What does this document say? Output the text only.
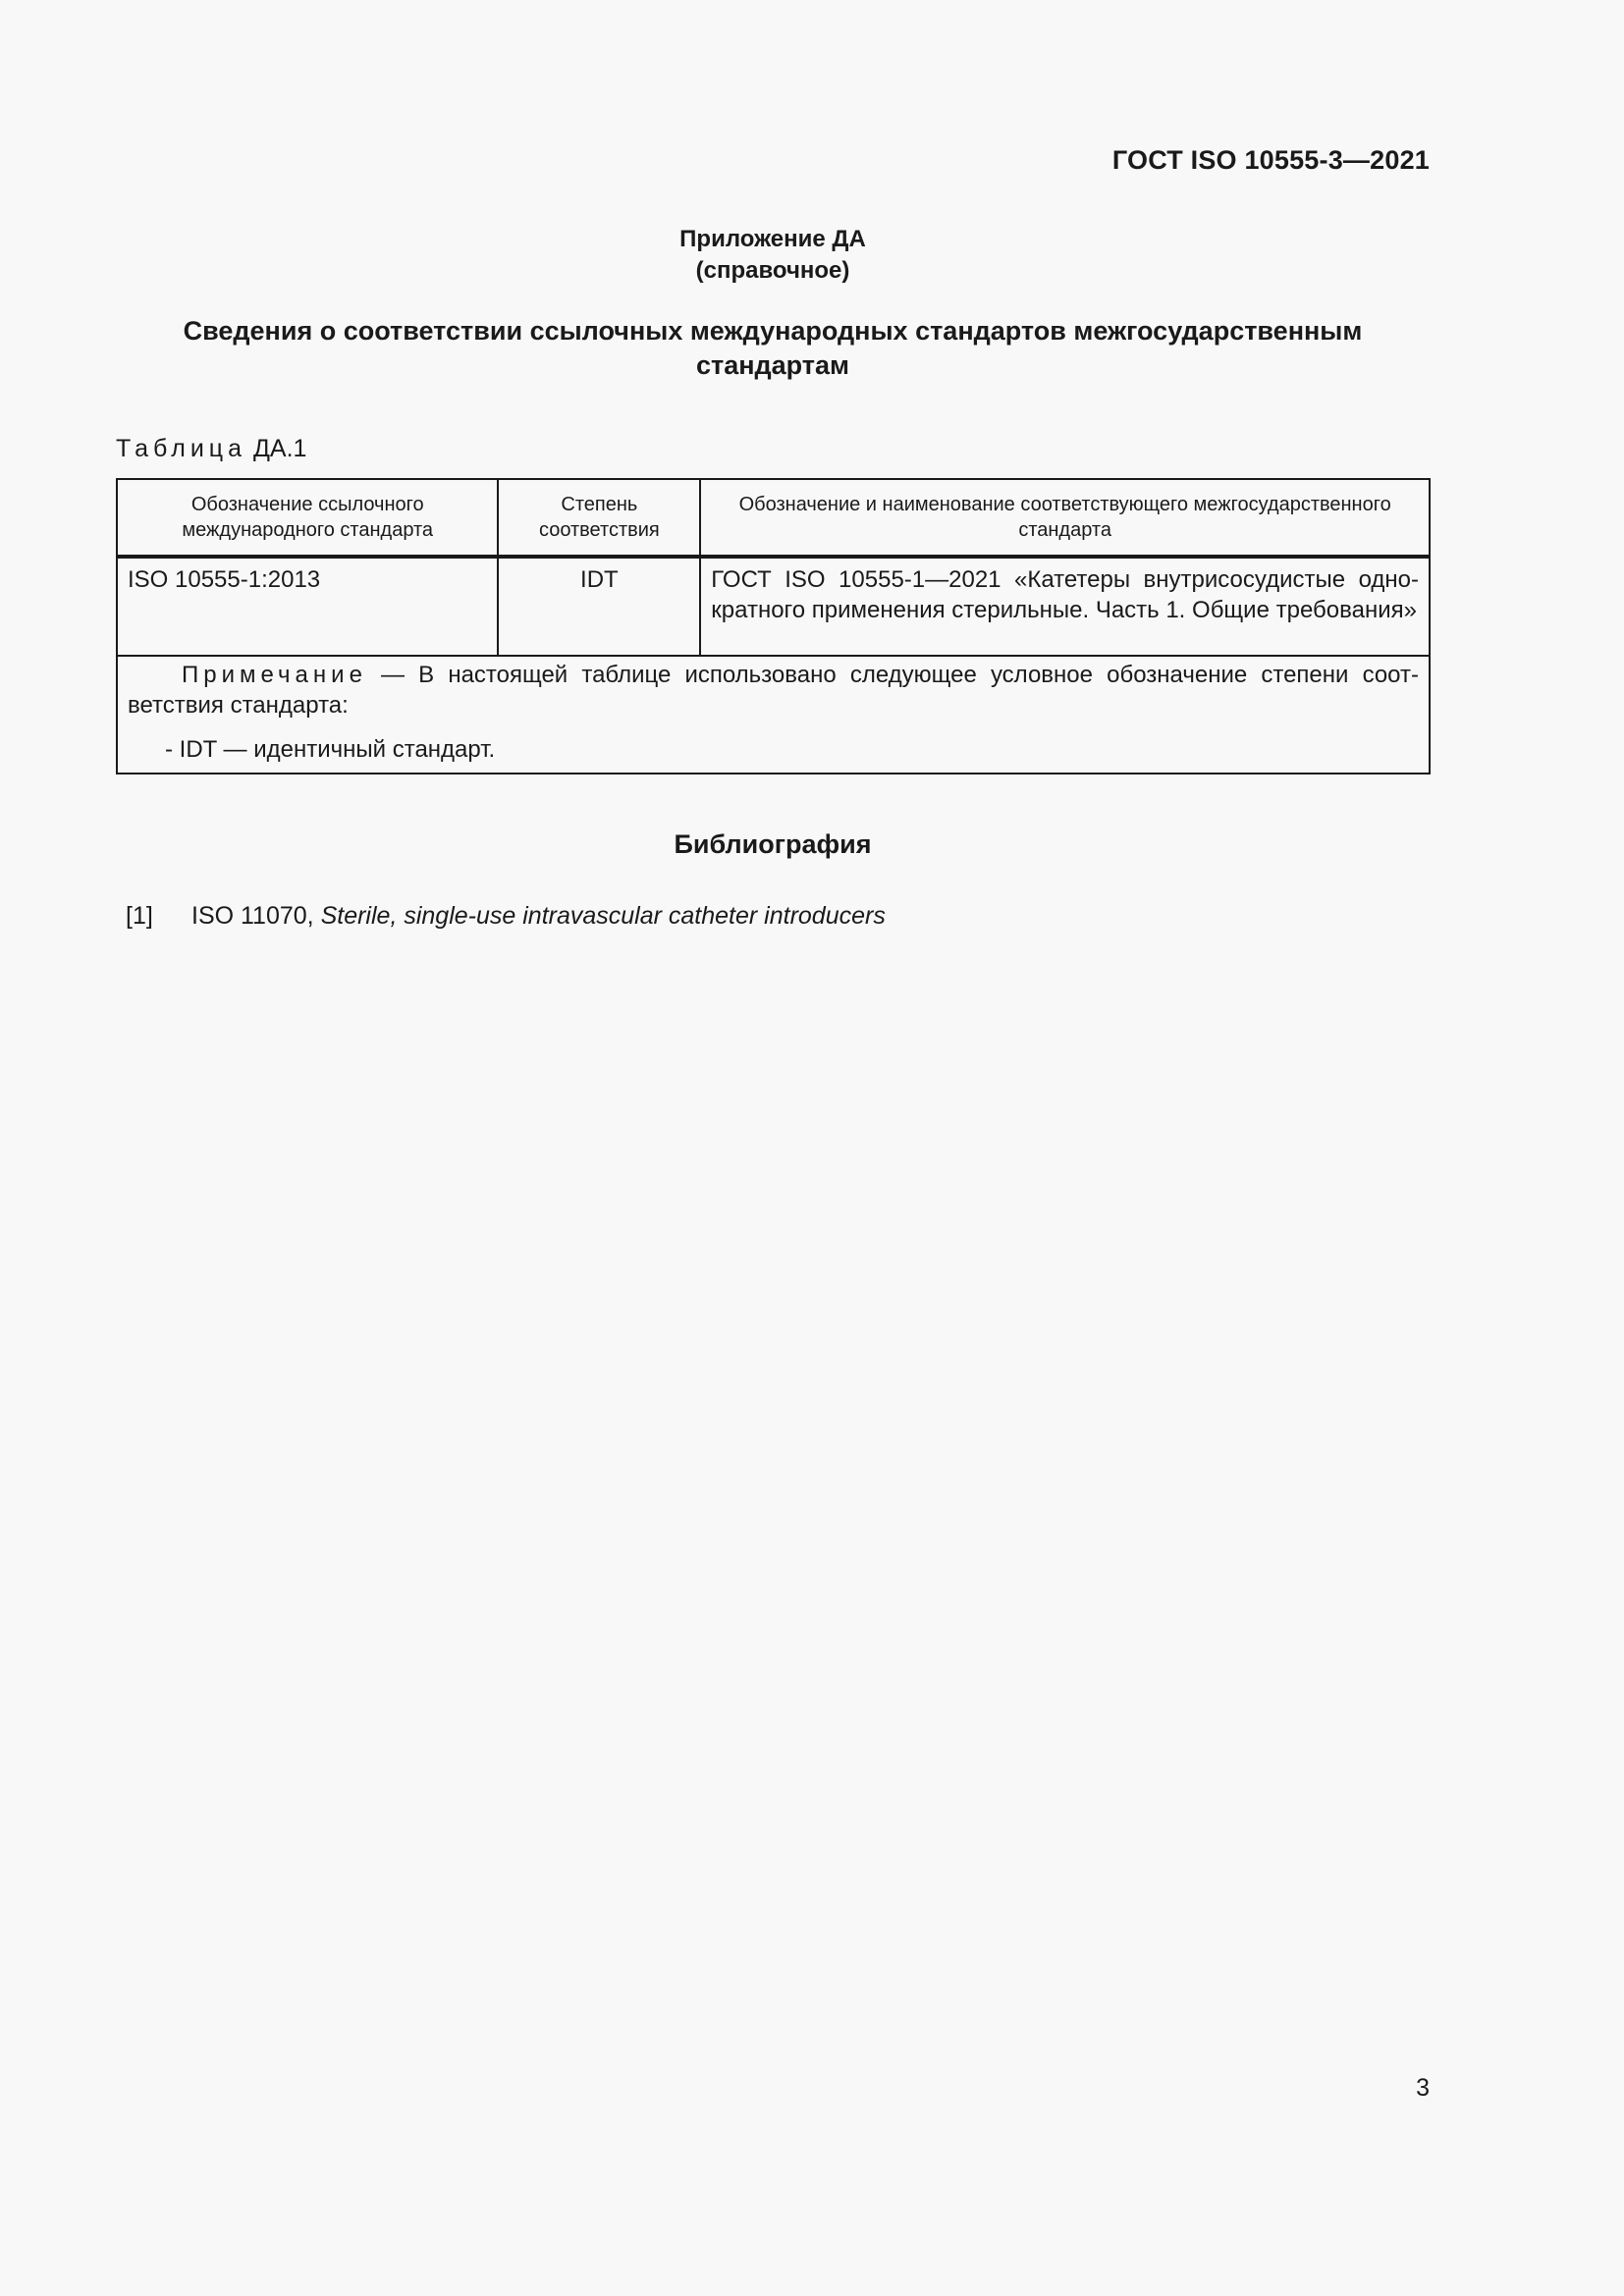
ГОСТ ISO 10555-3—2021
Приложение ДА
(справочное)
Сведения о соответствии ссылочных международных стандартов межгосударственным стандартам
Таблица ДА.1
Обозначение ссылочного международного стандарта	Степень соответствия	Обозначение и наименование соответствующего межгосударственного стандарта

ISO 10555-1:2013	IDT	ГОСТ ISO 10555-1—2021 «Катетеры внутрисосудистые однократного применения стерильные. Часть 1. Общие требования»

Примечание — В настоящей таблице использовано следующее условное обозначение степени соответствия стандарта:
- IDT — идентичный стандарт.		
Библиография
[1] ISO 11070, Sterile, single-use intravascular catheter introducers
3
